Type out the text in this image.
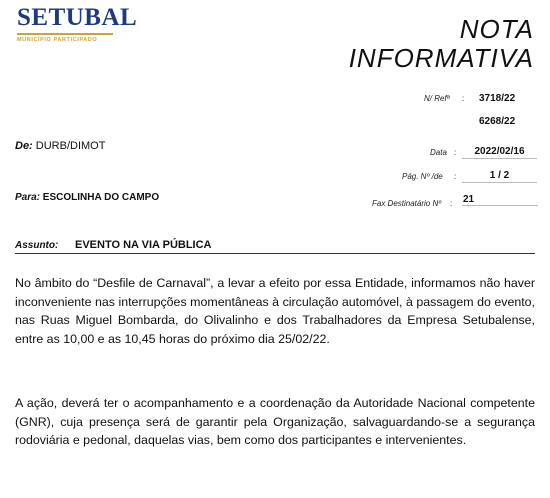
SETUBAL
MUNICÍPIO PARTICIPADO	NOTA
INFORMATIVA
N/ Refª : 3718/22
6268/22
De: DURB/DIMOT
Data :	2022/02/16
Pág. Nº /de :	1 / 2
Para: ESCOLINHA DO CAMPO
Fax Destinatário Nº : 21
Assunto: EVENTO NA VIA PÚBLICA

No âmbito do “Desfile de Carnaval”, a levar a efeito por essa Entidade, informamos não haver inconveniente nas interrupções momentâneas à circulação automóvel, à passagem do evento, nas Ruas Miguel Bombarda, do Olivalinho e dos Trabalhadores da Empresa Setubalense, entre as 10,00 e as 10,45 horas do próximo dia 25/02/22.

A ação, deverá ter o acompanhamento e a coordenação da Autoridade Nacional competente (GNR), cuja presença será de garantir pela Organização, salvaguardando-se a segurança rodoviária e pedonal, daquelas vias, bem como dos participantes e intervenientes.
